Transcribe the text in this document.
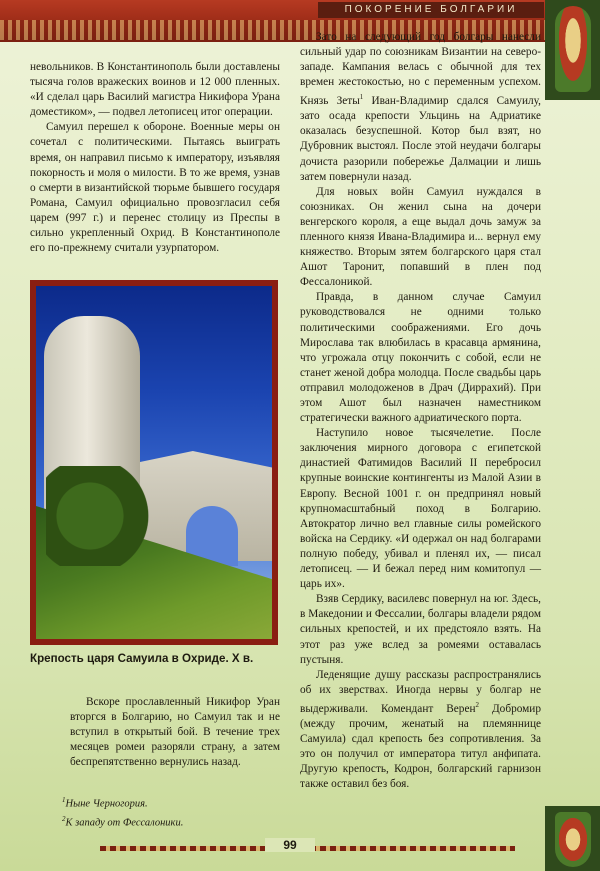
ПОКОРЕНИЕ БОЛГАРИИ

невольников. В Константинополь были доставлены тысяча голов вражеских воинов и 12 000 пленных. «И сделал царь Василий магистра Никифора Урана доместиком», — подвел летописец итог операции.

Самуил перешел к обороне. Военные меры он сочетал с политическими. Пытаясь выиграть время, он направил письмо к императору, изъявляя покорность и моля о милости. В то же время, узнав о смерти в византийской тюрьме бывшего государя Романа, Самуил официально провозгласил себя царем (997 г.) и перенес столицу из Преспы в сильно укрепленный Охрид. В Константинополе его по-прежнему считали узурпатором.

Крепость царя Самуила в Охриде. X в.

Вскоре прославленный Никифор Уран вторгся в Болгарию, но Самуил так и не вступил в открытый бой. В течение трех месяцев ромеи разоряли страну, а затем беспрепятственно вернулись назад.

$^1$Ныне Черногория.
$^2$К западу от Фессалоники.

Зато на следующий год болгары нанесли сильный удар по союзникам Византии на северо-западе. Кампания велась с обычной для тех времен жестокостью, но с переменным успехом. Князь Зеты$^1$ Иван-Владимир сдался Самуилу, зато осада крепости Ульцинь на Адриатике оказалась безуспешной. Котор был взят, но Дубровник выстоял. После этой неудачи болгары дочиста разорили побережье Далмации и лишь затем повернули назад.

Для новых войн Самуил нуждался в союзниках. Он женил сына на дочери венгерского короля, а еще выдал дочь замуж за пленного князя Ивана-Владимира и... вернул ему княжество. Вторым зятем болгарского царя стал Ашот Таронит, попавший в плен под Фессалоникой.

Правда, в данном случае Самуил руководствовался не одними только политическими соображениями. Его дочь Мирослава так влюбилась в красавца армянина, что угрожала отцу покончить с собой, если не станет женой добра молодца. После свадьбы царь отправил молодоженов в Драч (Диррахий). При этом Ашот был назначен наместником стратегически важного адриатического порта.

Наступило новое тысячелетие. После заключения мирного договора с египетской династией Фатимидов Василий II перебросил крупные воинские контингенты из Малой Азии в Европу. Весной 1001 г. он предпринял новый крупномасштабный поход в Болгарию. Автократор лично вел главные силы ромейского войска на Сердику. «И одержал он над болгарами полную победу, убивал и пленял их, — писал летописец. — И бежал перед ним комитопул — царь их».

Взяв Сердику, василевс повернул на юг. Здесь, в Македонии и Фессалии, болгары владели рядом сильных крепостей, и их предстояло взять. На этот раз уже вслед за ромеями оставалась пустыня.

Леденящие душу рассказы распространялись об их зверствах. Иногда нервы у болгар не выдерживали. Комендант Верен$^2$ Добромир (между прочим, женатый на племяннице Самуила) сдал крепость без сопротивления. За это он получил от императора титул анфипата. Другую крепость, Кодрон, болгарский гарнизон также оставил без боя.

99
